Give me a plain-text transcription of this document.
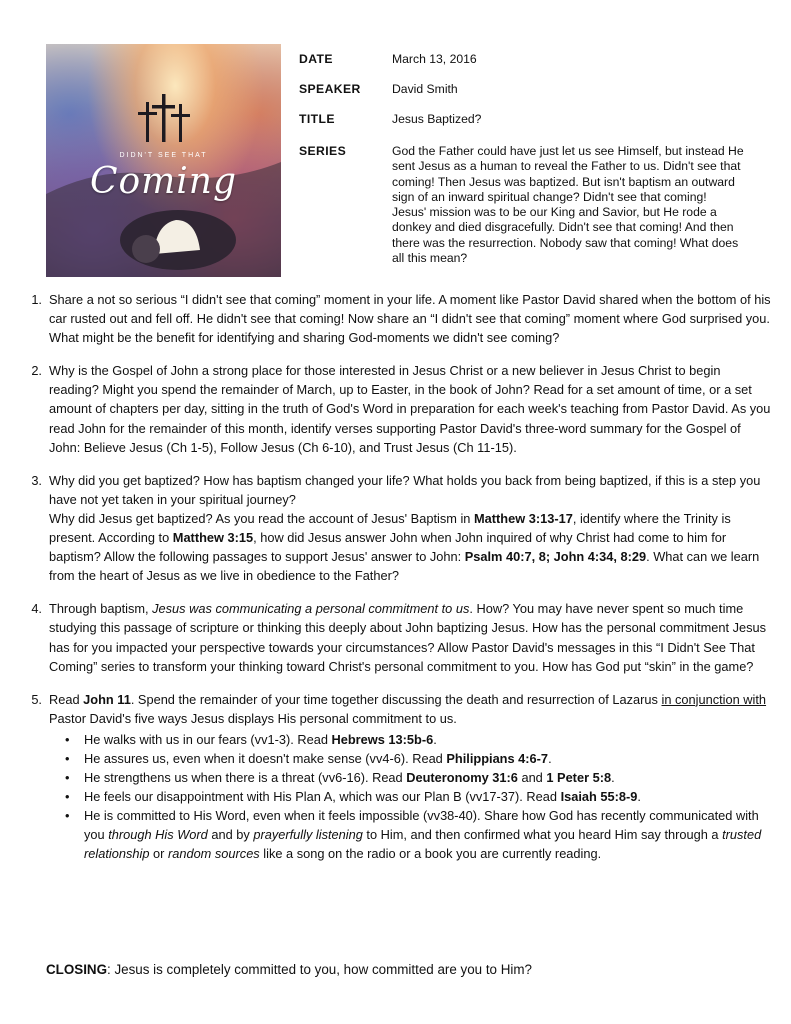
DIDN'T SEE THAT
Coming
DATE	March 13, 2016
SPEAKER	David Smith
TITLE	Jesus Baptized?
SERIES	God the Father could have just let us see Himself, but instead He sent Jesus as a human to reveal the Father to us. Didn't see that coming! Then Jesus was baptized. But isn't baptism an outward sign of an inward spiritual change? Didn't see that coming! Jesus' mission was to be our King and Savior, but He rode a donkey and died disgracefully. Didn't see that coming! And then there was the resurrection. Nobody saw that coming! What does all this mean?
1. Share a not so serious “I didn't see that coming” moment in your life. A moment like Pastor David shared when the bottom of his car rusted out and fell off. He didn't see that coming! Now share an “I didn't see that coming” moment where God surprised you. What might be the benefit for identifying and sharing God-moments we didn't see coming?
2. Why is the Gospel of John a strong place for those interested in Jesus Christ or a new believer in Jesus Christ to begin reading? Might you spend the remainder of March, up to Easter, in the book of John? Read for a set amount of time, or a set amount of chapters per day, sitting in the truth of God's Word in preparation for each week's teaching from Pastor David. As you read John for the remainder of this month, identify verses supporting Pastor David's three-word summary for the Gospel of John: Believe Jesus (Ch 1-5), Follow Jesus (Ch 6-10), and Trust Jesus (Ch 11-15).
3. Why did you get baptized? How has baptism changed your life? What holds you back from being baptized, if this is a step you have not yet taken in your spiritual journey?
Why did Jesus get baptized? As you read the account of Jesus' Baptism in Matthew 3:13-17, identify where the Trinity is present. According to Matthew 3:15, how did Jesus answer John when John inquired of why Christ had come to him for baptism? Allow the following passages to support Jesus' answer to John: Psalm 40:7, 8; John 4:34, 8:29. What can we learn from the heart of Jesus as we live in obedience to the Father?
4. Through baptism, Jesus was communicating a personal commitment to us. How? You may have never spent so much time studying this passage of scripture or thinking this deeply about John baptizing Jesus. How has the personal commitment Jesus has for you impacted your perspective towards your circumstances? Allow Pastor David's messages in this “I Didn't See That Coming” series to transform your thinking toward Christ's personal commitment to you. How has God put “skin” in the game?
5. Read John 11. Spend the remainder of your time together discussing the death and resurrection of Lazarus in conjunction with Pastor David's five ways Jesus displays His personal commitment to us.
• He walks with us in our fears (vv1-3). Read Hebrews 13:5b-6.
• He assures us, even when it doesn't make sense (vv4-6). Read Philippians 4:6-7.
• He strengthens us when there is a threat (vv6-16). Read Deuteronomy 31:6 and 1 Peter 5:8.
• He feels our disappointment with His Plan A, which was our Plan B (vv17-37). Read Isaiah 55:8-9.
• He is committed to His Word, even when it feels impossible (vv38-40). Share how God has recently communicated with you through His Word and by prayerfully listening to Him, and then confirmed what you heard Him say through a trusted relationship or random sources like a song on the radio or a book you are currently reading.
CLOSING: Jesus is completely committed to you, how committed are you to Him?
